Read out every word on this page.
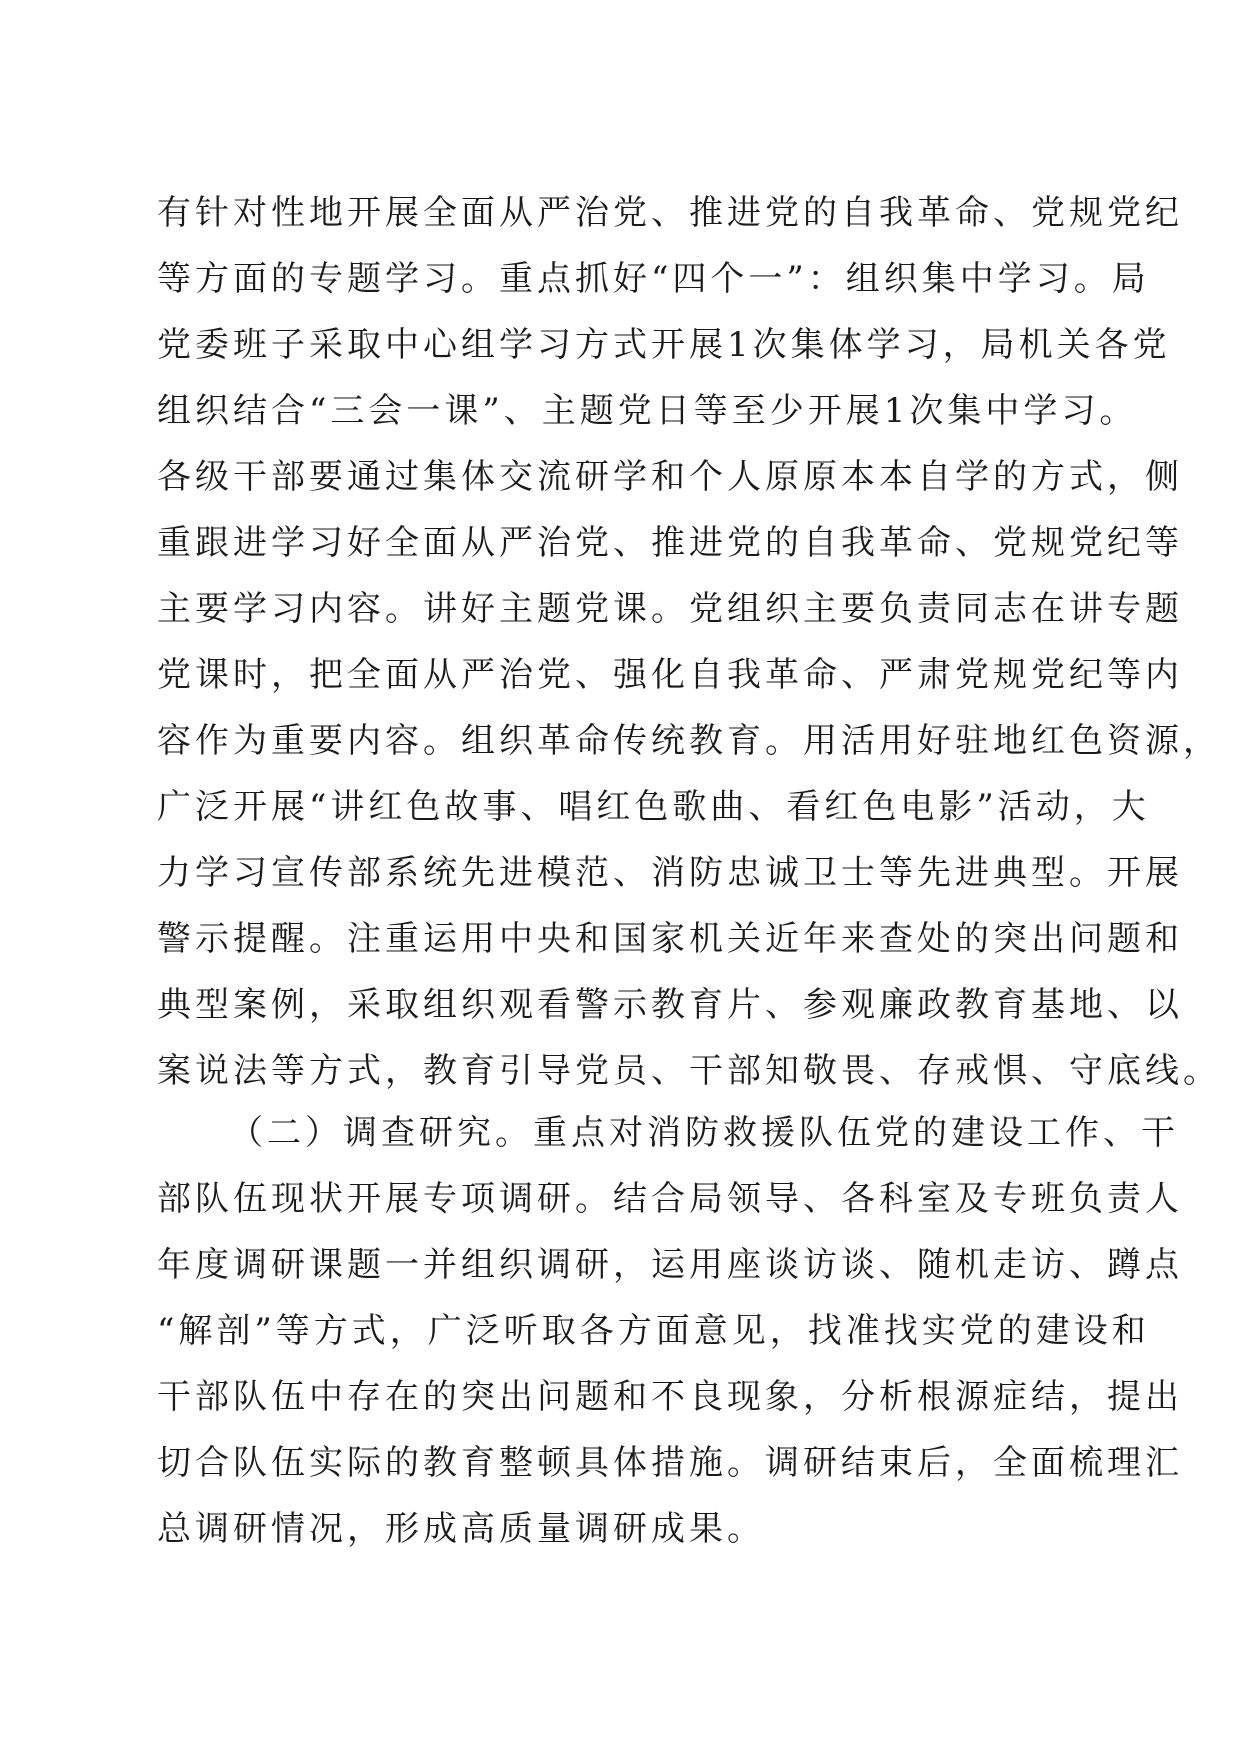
有针对性地开展全面从严治党、推进党的自我革命、党规党纪
等方面的专题学习。重点抓好“四个一”：组织集中学习。局
党委班子采取中心组学习方式开展1次集体学习，局机关各党
组织结合“三会一课”、主题党日等至少开展1次集中学习。
各级干部要通过集体交流研学和个人原原本本自学的方式，侧
重跟进学习好全面从严治党、推进党的自我革命、党规党纪等
主要学习内容。讲好主题党课。党组织主要负责同志在讲专题
党课时，把全面从严治党、强化自我革命、严肃党规党纪等内
容作为重要内容。组织革命传统教育。用活用好驻地红色资源，
广泛开展“讲红色故事、唱红色歌曲、看红色电影”活动，大
力学习宣传部系统先进模范、消防忠诚卫士等先进典型。开展
警示提醒。注重运用中央和国家机关近年来查处的突出问题和
典型案例，采取组织观看警示教育片、参观廉政教育基地、以
案说法等方式，教育引导党员、干部知敬畏、存戒惧、守底线。
（二）调查研究。重点对消防救援队伍党的建设工作、干
部队伍现状开展专项调研。结合局领导、各科室及专班负责人
年度调研课题一并组织调研，运用座谈访谈、随机走访、蹲点
“解剖”等方式，广泛听取各方面意见，找准找实党的建设和
干部队伍中存在的突出问题和不良现象，分析根源症结，提出
切合队伍实际的教育整顿具体措施。调研结束后，全面梳理汇
总调研情况，形成高质量调研成果。
